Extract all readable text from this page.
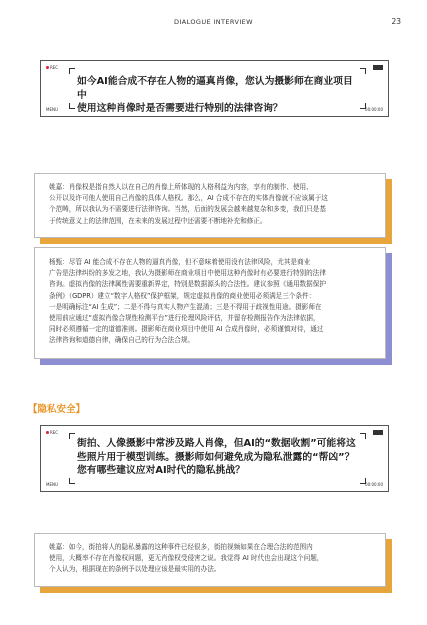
DIALOGUE INTERVIEW	23
REC
如今AI能合成不存在人物的逼真肖像，您认为摄影师在商业项目中
使用这种肖像时是否需要进行特别的法律咨询？
MENU	00:00:00
姚嘉：肖像权是指自然人以在自己的肖像上所体现的人格利益为内容，享有的制作、使用、
公开以及许可他人使用自己肖像的具体人格权。那么，AI 合成不存在的实体肖像就不应该属于这
个范畴，所以我认为不需要进行法律咨询。当然，后面的发展会越来越复杂和多变，我们只是基
于传统意义上的法律范围，在未来的发展过程中还需要不断地补充和修正。
杨甄：尽管 AI 能合成不存在人物的逼真肖像，但不意味着使用没有法律风险，尤其是商业
广告是法律纠纷的多发之地，我认为摄影师在商业项目中使用这种肖像时有必要进行特别的法律
咨询。虚拟肖像的法律属性需要重新界定，特别是数据源头的合法性。建议参照《通用数据保护
条例》（GDPR）建立“数字人格权”保护框架，规定虚拟肖像的商业使用必须满足三个条件：
一是明确标注“AI 生成”；二是不得与真实人物产生混淆；三是不得用于歧视性用途。摄影师在
使用前应通过“虚拟肖像合规性检测平台”进行伦理风险评估，并留存检测报告作为法律依据，
同时必须遵循一定的道德准则。摄影师在商业项目中使用 AI 合成肖像时，必须谨慎对待，通过
法律咨询和道德自律，确保自己的行为合法合规。
【隐私安全】
REC
街拍、人像摄影中常涉及路人肖像，但AI的“数据收割”可能将这
些照片用于模型训练。摄影师如何避免成为隐私泄露的“帮凶”？
您有哪些建议应对AI时代的隐私挑战？
MENU	00:00:00
姚嘉：如今，街拍将人的隐私暴露的这种事件已经很多，街拍视频如果在合理合法的范围内
使用，大概率不存在肖像权问题，更无肖像权受侵害之说。我觉得 AI 时代也会出现这个问题，
个人认为，根据现在的条例予以处理应该是最实用的办法。
